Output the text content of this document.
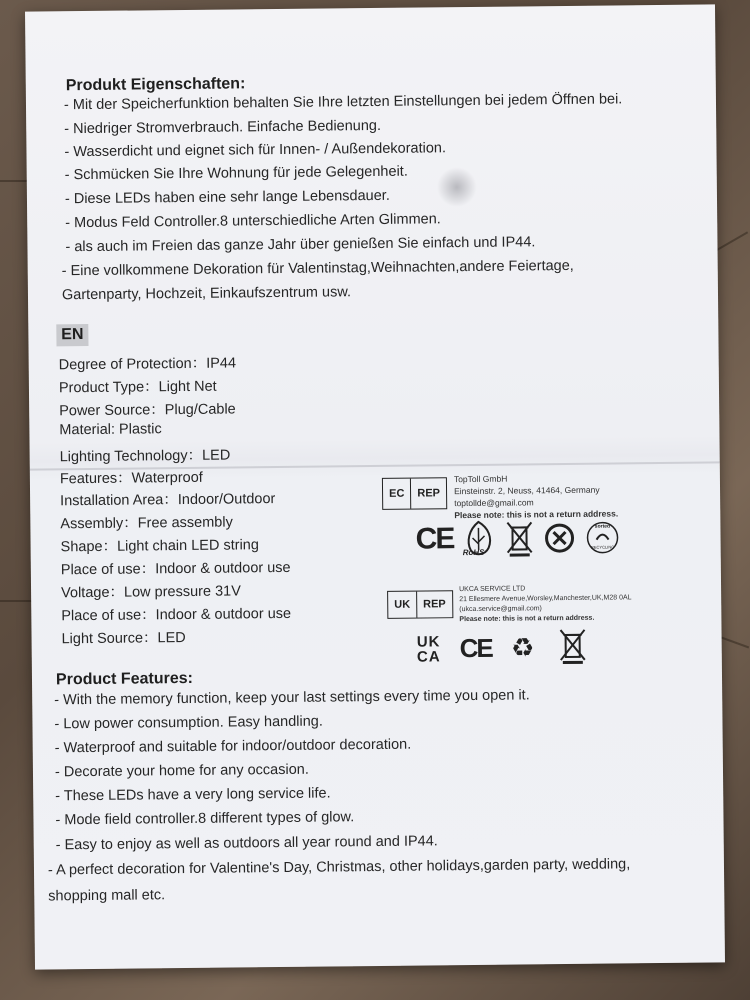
Produkt Eigenschaften:
- Mit der Speicherfunktion behalten Sie Ihre letzten Einstellungen bei jedem Öffnen bei.
- Niedriger Stromverbrauch. Einfache Bedienung.
- Wasserdicht und eignet sich für Innen- / Außendekoration.
- Schmücken Sie Ihre Wohnung für jede Gelegenheit.
- Diese LEDs haben eine sehr lange Lebensdauer.
- Modus Feld Controller.8 unterschiedliche Arten Glimmen.
- als auch im Freien das ganze Jahr über genießen Sie einfach und IP44.
- Eine vollkommene Dekoration für Valentinstag,Weihnachten,andere Feiertage,
Gartenparty, Hochzeit, Einkaufszentrum usw.
EN
Degree of Protection：IP44
Product Type：Light Net
Power Source：Plug/Cable
Material: Plastic
Lighting Technology：LED
Features：Waterproof
Installation Area：Indoor/Outdoor
Assembly：Free assembly
Shape：Light chain LED string
Place of use：Indoor & outdoor use
Voltage：Low pressure 31V
Place of use：Indoor & outdoor use
Light Source：LED
EC	REP
TopToll GmbH
Einsteinstr. 2, Neuss, 41464, Germany
toptollde@gmail.com
Please note: this is not a return address.
CE RoHS
sorted
RECYCLING
UK	REP
UKCA SERVICE LTD
21 Ellesmere Avenue,Worsley,Manchester,UK,M28 0AL
(ukca.service@gmail.com)
Please note: this is not a return address.
UK
CA CE ♻
Product Features:
- With the memory function, keep your last settings every time you open it.
- Low power consumption. Easy handling.
- Waterproof and suitable for indoor/outdoor decoration.
- Decorate your home for any occasion.
- These LEDs have a very long service life.
- Mode field controller.8 different types of glow.
- Easy to enjoy as well as outdoors all year round and IP44.
- A perfect decoration for Valentine's Day, Christmas, other holidays,garden party, wedding,
shopping mall etc.
